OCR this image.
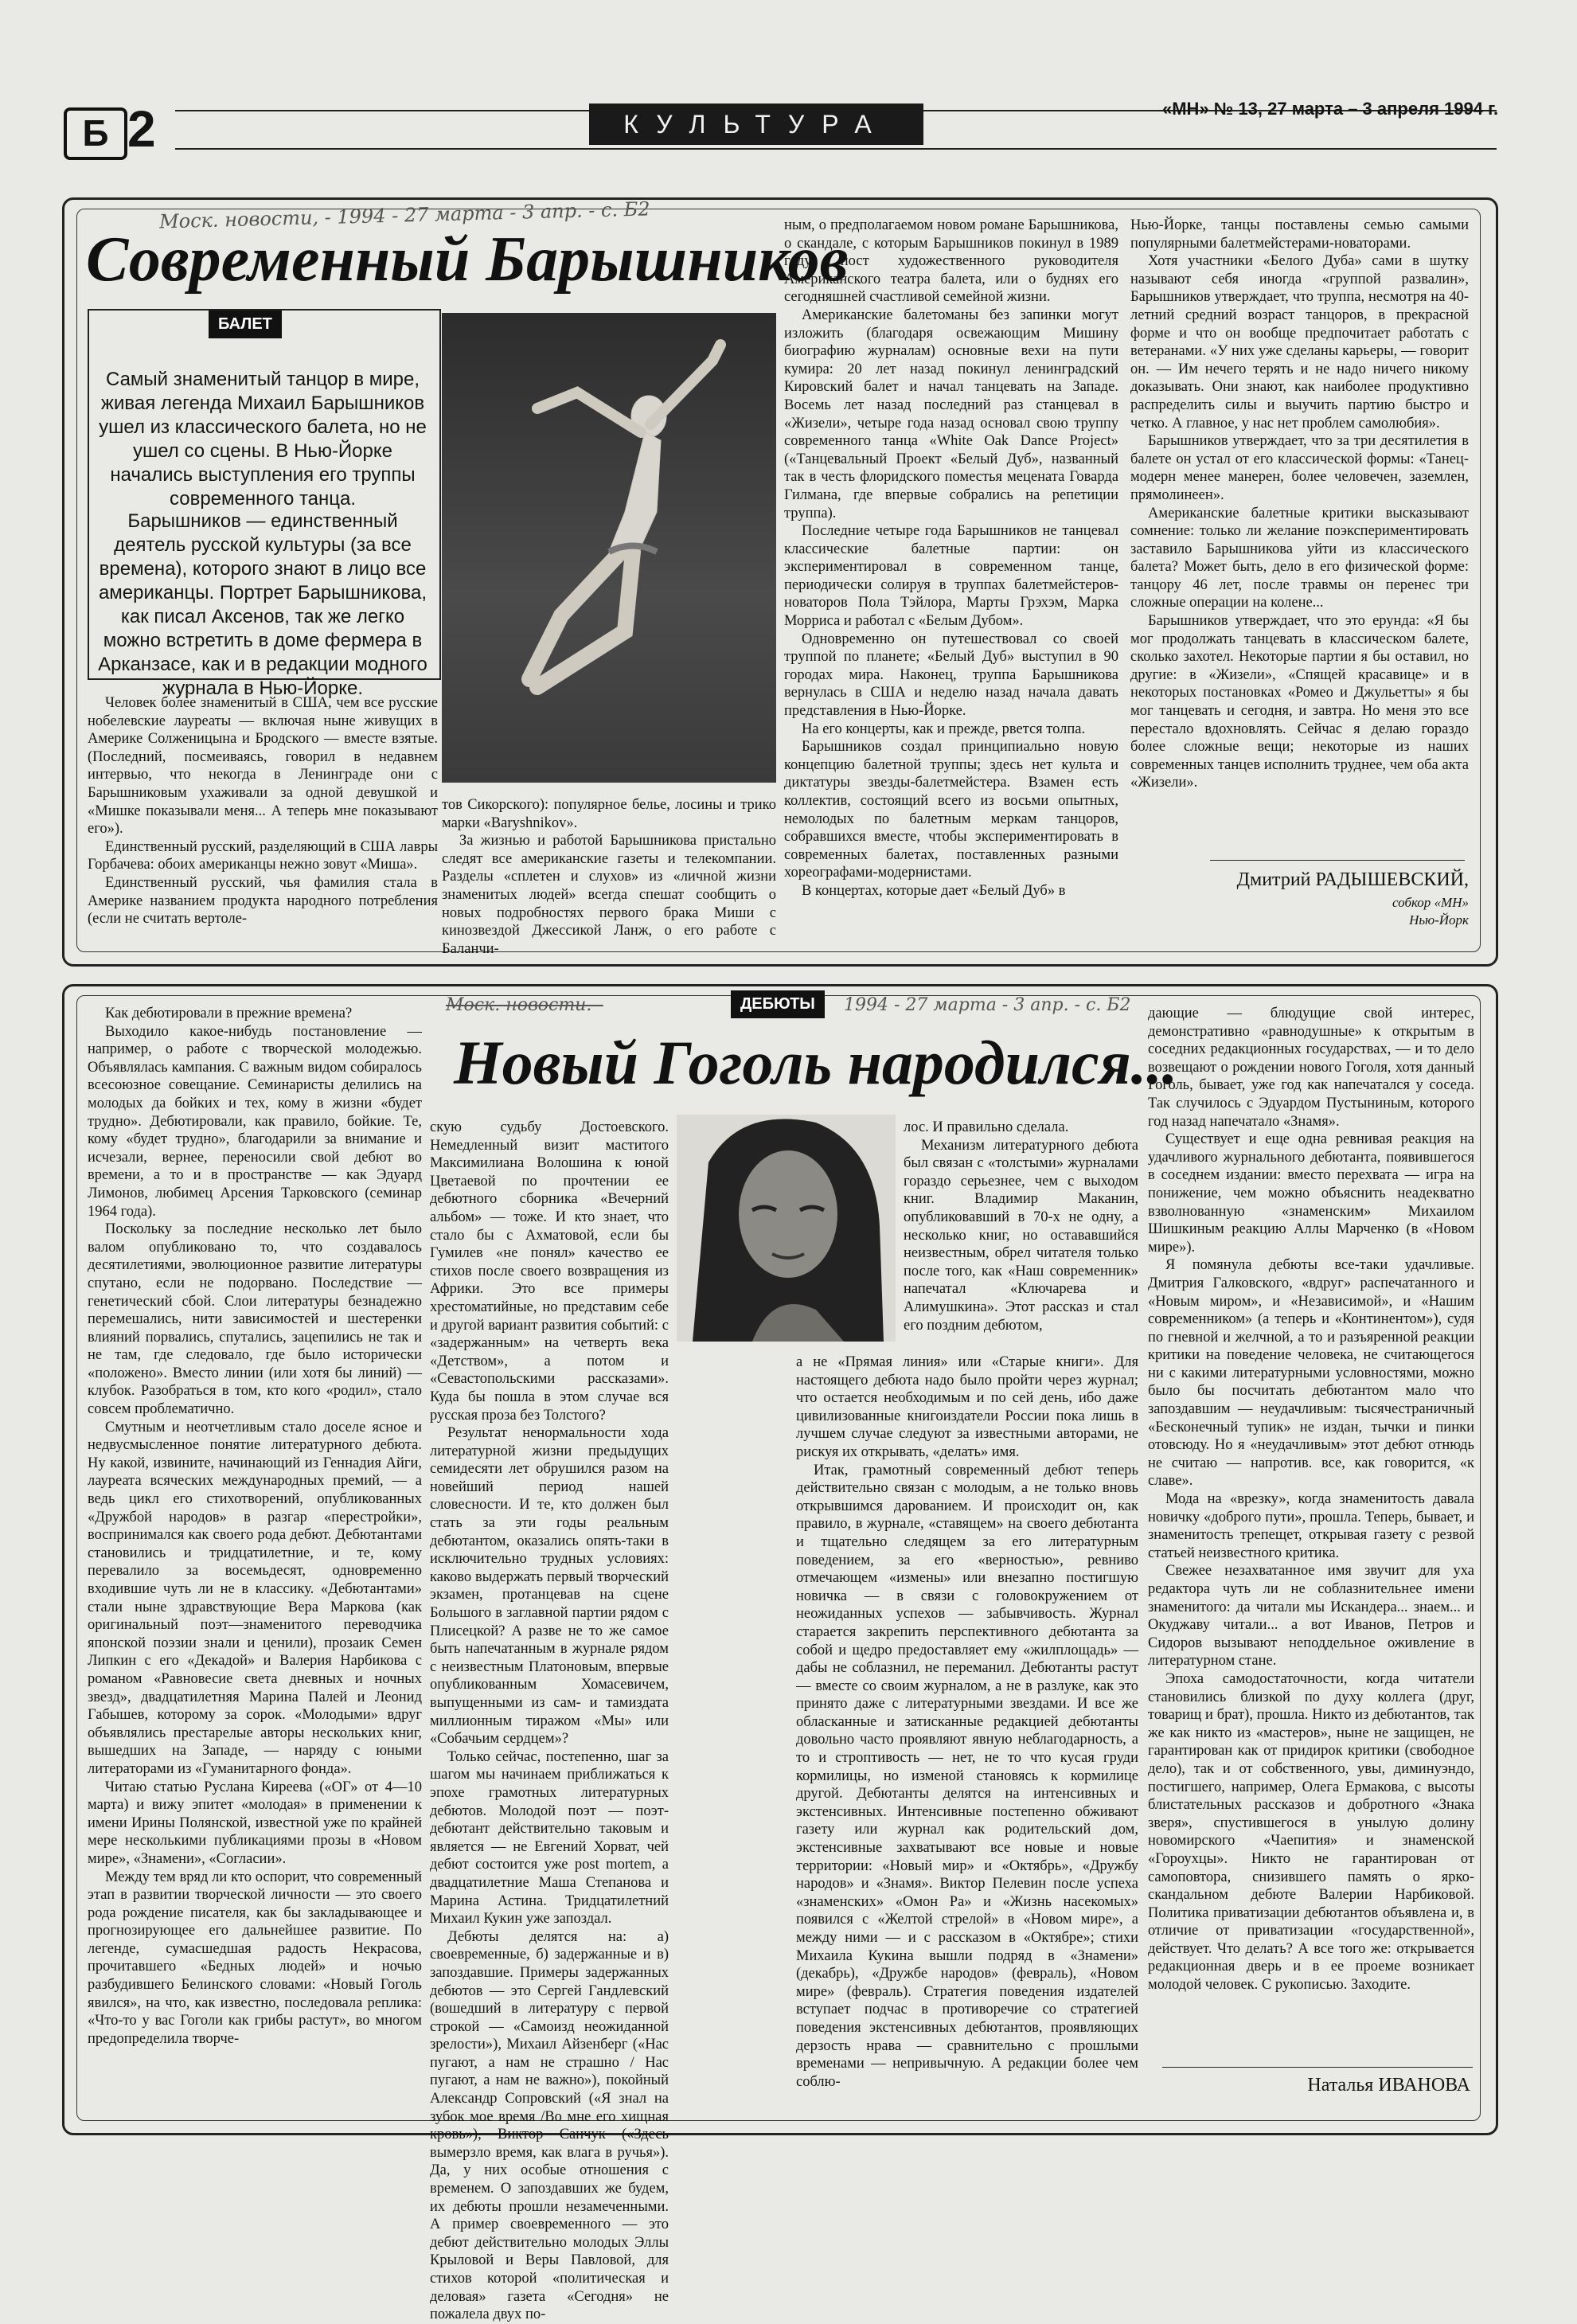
Б 2	КУЛЬТУРА
«МН» № 13, 27 марта – 3 апреля 1994 г.
Моск. новости, - 1994 - 27 марта - 3 апр. - с. Б2
Современный Барышников
БАЛЕТ
Самый знаменитый танцор в мире, живая легенда Михаил Барышников ушел из классического балета, но не ушел со сцены. В Нью-Йорке начались выступления его труппы современного танца.
Барышников — единственный деятель русской культуры (за все времена), которого знают в лицо все американцы. Портрет Барышникова, как писал Аксенов, так же легко можно встретить в доме фермера в Арканзасе, как и в редакции модного журнала в Нью-Йорке.

Человек более знаменитый в США, чем все русские нобелевские лауреаты — включая ныне живущих в Америке Солженицына и Бродского — вместе взятые. (Последний, посмеиваясь, говорил в недавнем интервью, что некогда в Ленинграде они с Барышниковым ухаживали за одной девушкой и «Мишке показывали меня... А теперь мне показывают его»).

Единственный русский, разделяющий в США лавры Горбачева: обоих американцы нежно зовут «Миша».

Единственный русский, чья фамилия стала в Америке названием продукта народного потребления (если не считать вертоле-

тов Сикорского): популярное белье, лосины и трико марки «Baryshnikov».

За жизнью и работой Барышникова пристально следят все американские газеты и телекомпании. Разделы «сплетен и слухов» из «личной жизни знаменитых людей» всегда спешат сообщить о новых подробностях первого брака Миши с кинозвездой Джессикой Ланж, о его работе с Баланчи-

ным, о предполагаемом новом романе Барышникова, о скандале, с которым Барышников покинул в 1989 году пост художественного руководителя Американского театра балета, или о буднях его сегодняшней счастливой семейной жизни.

Американские балетоманы без запинки могут изложить (благодаря освежающим Мишину биографию журналам) основные вехи на пути кумира: 20 лет назад покинул ленинградский Кировский балет и начал танцевать на Западе. Восемь лет назад последний раз станцевал в «Жизели», четыре года назад основал свою труппу современного танца «White Oak Dance Project» («Танцевальный Проект «Белый Дуб», названный так в честь флоридского поместья мецената Говарда Гилмана, где впервые собрались на репетиции труппа).

Последние четыре года Барышников не танцевал классические балетные партии: он экспериментировал в современном танце, периодически солируя в труппах балетмейстеров-новаторов Пола Тэйлора, Марты Грэхэм, Марка Морриса и работал с «Белым Дубом».

Одновременно он путешествовал со своей труппой по планете; «Белый Дуб» выступил в 90 городах мира. Наконец, труппа Барышникова вернулась в США и неделю назад начала давать представления в Нью-Йорке.

На его концерты, как и прежде, рвется толпа.

Барышников создал принципиально новую концепцию балетной труппы; здесь нет культа и диктатуры звезды-балетмейстера. Взамен есть коллектив, состоящий всего из восьми опытных, немолодых по балетным меркам танцоров, собравшихся вместе, чтобы экспериментировать в современных балетах, поставленных разными хореографами-модернистами.

В концертах, которые дает «Белый Дуб» в

Нью-Йорке, танцы поставлены семью самыми популярными балетмейстерами-новаторами.

Хотя участники «Белого Дуба» сами в шутку называют себя иногда «группой развалин», Барышников утверждает, что труппа, несмотря на 40-летний средний возраст танцоров, в прекрасной форме и что он вообще предпочитает работать с ветеранами. «У них уже сделаны карьеры, — говорит он. — Им нечего терять и не надо ничего никому доказывать. Они знают, как наиболее продуктивно распределить силы и выучить партию быстро и четко. А главное, у нас нет проблем самолюбия».

Барышников утверждает, что за три десятилетия в балете он устал от его классической формы: «Танец-модерн менее манерен, более человечен, заземлен, прямолинеен».

Американские балетные критики высказывают сомнение: только ли желание поэкспериментировать заставило Барышникова уйти из классического балета? Может быть, дело в его физической форме: танцору 46 лет, после травмы он перенес три сложные операции на колене...

Барышников утверждает, что это ерунда: «Я бы мог продолжать танцевать в классическом балете, сколько захотел. Некоторые партии я бы оставил, но другие: в «Жизели», «Спящей красавице» и в некоторых постановках «Ромео и Джульетты» я бы мог танцевать и сегодня, и завтра. Но меня это все перестало вдохновлять. Сейчас я делаю гораздо более сложные вещи; некоторые из наших современных танцев исполнить труднее, чем оба акта «Жизели».

Дмитрий РАДЫШЕВСКИЙ,
собкор «МН»
Нью-Йорк
Моск. новости. -	ДЕБЮТЫ	1994 - 27 марта - 3 апр. - с. Б2
Новый Гоголь народился...

Как дебютировали в прежние времена?

Выходило какое-нибудь постановление — например, о работе с творческой молодежью. Объявлялась кампания. С важным видом собиралось всесоюзное совещание. Семинаристы делились на молодых да бойких и тех, кому в жизни «будет трудно». Дебютировали, как правило, бойкие. Те, кому «будет трудно», благодарили за внимание и исчезали, вернее, переносили свой дебют во времени, а то и в пространстве — как Эдуард Лимонов, любимец Арсения Тарковского (семинар 1964 года).

Поскольку за последние несколько лет было валом опубликовано то, что создавалось десятилетиями, эволюционное развитие литературы спутано, если не подорвано. Последствие — генетический сбой. Слои литературы безнадежно перемешались, нити зависимостей и шестеренки влияний порвались, спутались, зацепились не так и не там, где следовало, где было исторически «положено». Вместо линии (или хотя бы линий) — клубок. Разобраться в том, кто кого «родил», стало совсем проблематично.

Смутным и неотчетливым стало доселе ясное и недвусмысленное понятие литературного дебюта. Ну какой, извините, начинающий из Геннадия Айги, лауреата всяческих международных премий, — а ведь цикл его стихотворений, опубликованных «Дружбой народов» в разгар «перестройки», воспринимался как своего рода дебют. Дебютантами становились и тридцатилетние, и те, кому перевалило за восемьдесят, одновременно входившие чуть ли не в классику. «Дебютантами» стали ныне здравствующие Вера Маркова (как оригинальный поэт—знаменитого переводчика японской поэзии знали и ценили), прозаик Семен Липкин с его «Декадой» и Валерия Нарбикова с романом «Равновесие света дневных и ночных звезд», двадцатилетняя Марина Палей и Леонид Габышев, которому за сорок. «Молодыми» вдруг объявлялись престарелые авторы нескольких книг, вышедших на Западе, — наряду с юными литераторами из «Гуманитарного фонда».

Читаю статью Руслана Киреева («ОГ» от 4—10 марта) и вижу эпитет «молодая» в применении к имени Ирины Полянской, известной уже по крайней мере несколькими публикациями прозы в «Новом мире», «Знамени», «Согласии».

Между тем вряд ли кто оспорит, что современный этап в развитии творческой личности — это своего рода рождение писателя, как бы закладывающее и прогнозирующее его дальнейшее развитие. По легенде, сумасшедшая радость Некрасова, прочитавшего «Бедных людей» и ночью разбудившего Белинского словами: «Новый Гоголь явился», на что, как известно, последовала реплика: «Что-то у вас Гоголи как грибы растут», во многом предопределила творче-

скую судьбу Достоевского. Немедленный визит маститого Максимилиана Волошина к юной Цветаевой по прочтении ее дебютного сборника «Вечерний альбом» — тоже. И кто знает, что стало бы с Ахматовой, если бы Гумилев «не понял» качество ее стихов после своего возвращения из Африки. Это все примеры хрестоматийные, но представим себе и другой вариант развития событий: с «задержанным» на четверть века «Детством», а потом и «Севастопольскими рассказами». Куда бы пошла в этом случае вся русская проза без Толстого?

Результат ненормальности хода литературной жизни предыдущих семидесяти лет обрушился разом на новейший период нашей словесности. И те, кто должен был стать за эти годы реальным дебютантом, оказались опять-таки в исключительно трудных условиях: каково выдержать первый творческий экзамен, протанцевав на сцене Большого в заглавной партии рядом с Плисецкой? А разве не то же самое быть напечатанным в журнале рядом с неизвестным Платоновым, впервые опубликованным Хомасевичем, выпущенными из сам- и тамиздата миллионным тиражом «Мы» или «Собачьим сердцем»?

Только сейчас, постепенно, шаг за шагом мы начинаем приближаться к эпохе грамотных литературных дебютов. Молодой поэт — поэт-дебютант действительно таковым и является — не Евгений Хорват, чей дебют состоится уже post mortem, а двадцатилетние Маша Степанова и Марина Астина. Тридцатилетний Михаил Кукин уже запоздал.

Дебюты делятся на: а) своевременные, б) задержанные и в) запоздавшие. Примеры задержанных дебютов — это Сергей Гандлевский (вошедший в литературу с первой строкой — «Самоизд неожиданной зрелости»), Михаил Айзенберг («Нас пугают, а нам не страшно / Нас пугают, а нам не важно»), покойный Александр Сопровский («Я знал на зубок мое время /Во мне его хищная кровь»), Виктор Санчук («Здесь вымерзло время, как влага в ручья»). Да, у них особые отношения с временем. О запоздавших же будем, их дебюты прошли незамеченными. А пример своевременного — это дебют действительно молодых Эллы Крыловой и Веры Павловой, для стихов которой «политическая и деловая» газета «Сегодня» не пожалела двух по-

лос. И правильно сделала.

Механизм литературного дебюта был связан с «толстыми» журналами гораздо серьезнее, чем с выходом книг. Владимир Маканин, опубликовавший в 70-х не одну, а несколько книг, но остававшийся неизвестным, обрел читателя только после того, как «Наш современник» напечатал «Ключарева и Алимушкина». Этот рассказ и стал его поздним дебютом,

а не «Прямая линия» или «Старые книги». Для настоящего дебюта надо было пройти через журнал; что остается необходимым и по сей день, ибо даже цивилизованные книгоиздатели России пока лишь в лучшем случае следуют за известными авторами, не рискуя их открывать, «делать» имя.

Итак, грамотный современный дебют теперь действительно связан с молодым, а не только вновь открывшимся дарованием. И происходит он, как правило, в журнале, «ставящем» на своего дебютанта и тщательно следящем за его литературным поведением, за его «верностью», ревниво отмечающем «измены» или внезапно постигшую новичка — в связи с головокружением от неожиданных успехов — забывчивость. Журнал старается закрепить перспективного дебютанта за собой и щедро предоставляет ему «жилплощадь» — дабы не соблазнил, не переманил. Дебютанты растут — вместе со своим журналом, а не в разлуке, как это принято даже с литературными звездами. И все же обласканные и затисканные редакцией дебютанты довольно часто проявляют явную неблагодарность, а то и строптивость — нет, не то что кусая груди кормилицы, но изменой становясь к кормилице другой. Дебютанты делятся на интенсивных и экстенсивных. Интенсивные постепенно обживают газету или журнал как родительский дом, экстенсивные захватывают все новые и новые территории: «Новый мир» и «Октябрь», «Дружбу народов» и «Знамя». Виктор Пелевин после успеха «знаменских» «Омон Ра» и «Жизнь насекомых» появился с «Желтой стрелой» в «Новом мире», а между ними — и с рассказом в «Октябре»; стихи Михаила Кукина вышли подряд в «Знамени» (декабрь), «Дружбе народов» (февраль), «Новом мире» (февраль). Стратегия поведения издателей вступает подчас в противоречие со стратегией поведения экстенсивных дебютантов, проявляющих дерзость нрава — сравнительно с прошлыми временами — непривычную. А редакции более чем соблю-

дающие — блюдущие свой интерес, демонстративно «равнодушные» к открытым в соседних редакционных государствах, — и то дело возвещают о рождении нового Гоголя, хотя данный Гоголь, бывает, уже год как напечатался у соседа. Так случилось с Эдуардом Пустыниным, которого год назад напечатало «Знамя».

Существует и еще одна ревнивая реакция на удачливого журнального дебютанта, появившегося в соседнем издании: вместо перехвата — игра на понижение, чем можно объяснить неадекватно взволнованную «знаменским» Михаилом Шишкиным реакцию Аллы Марченко (в «Новом мире»).

Я помянула дебюты все-таки удачливые. Дмитрия Галковского, «вдруг» распечатанного и «Новым миром», и «Независимой», и «Нашим современником» (а теперь и «Континентом»), судя по гневной и желчной, а то и разъяренной реакции критики на поведение человека, не считающегося ни с какими литературными условностями, можно было бы посчитать дебютантом мало что запоздавшим — неудачливым: тысячестраничный «Бесконечный тупик» не издан, тычки и пинки отовсюду. Но я «неудачливым» этот дебют отнюдь не считаю — напротив. все, как говорится, «к славе».

Мода на «врезку», когда знаменитость давала новичку «доброго пути», прошла. Теперь, бывает, и знаменитость трепещет, открывая газету с резвой статьей неизвестного критика.

Свежее незахватанное имя звучит для уха редактора чуть ли не соблазнительнее имени знаменитого: да читали мы Искандера... знаем... и Окуджаву читали... а вот Иванов, Петров и Сидоров вызывают неподдельное оживление в литературном стане.

Эпоха самодостаточности, когда читатели становились близкой по духу коллега (друг, товарищ и брат), прошла. Никто из дебютантов, так же как никто из «мастеров», ныне не защищен, не гарантирован как от придирок критики (свободное дело), так и от собственного, увы, диминуэндо, постигшего, например, Олега Ермакова, с высоты блистательных рассказов и добротного «Знака зверя», спустившегося в унылую долину новомирского «Чаепития» и знаменской «Гороухцы». Никто не гарантирован от самоповтора, снизившего память о ярко-скандальном дебюте Валерии Нарбиковой. Политика приватизации дебютантов объявлена и, в отличие от приватизации «государственной», действует. Что делать? А все того же: открывается редакционная дверь и в ее проеме возникает молодой человек. С рукописью. Заходите.

Наталья ИВАНОВА
